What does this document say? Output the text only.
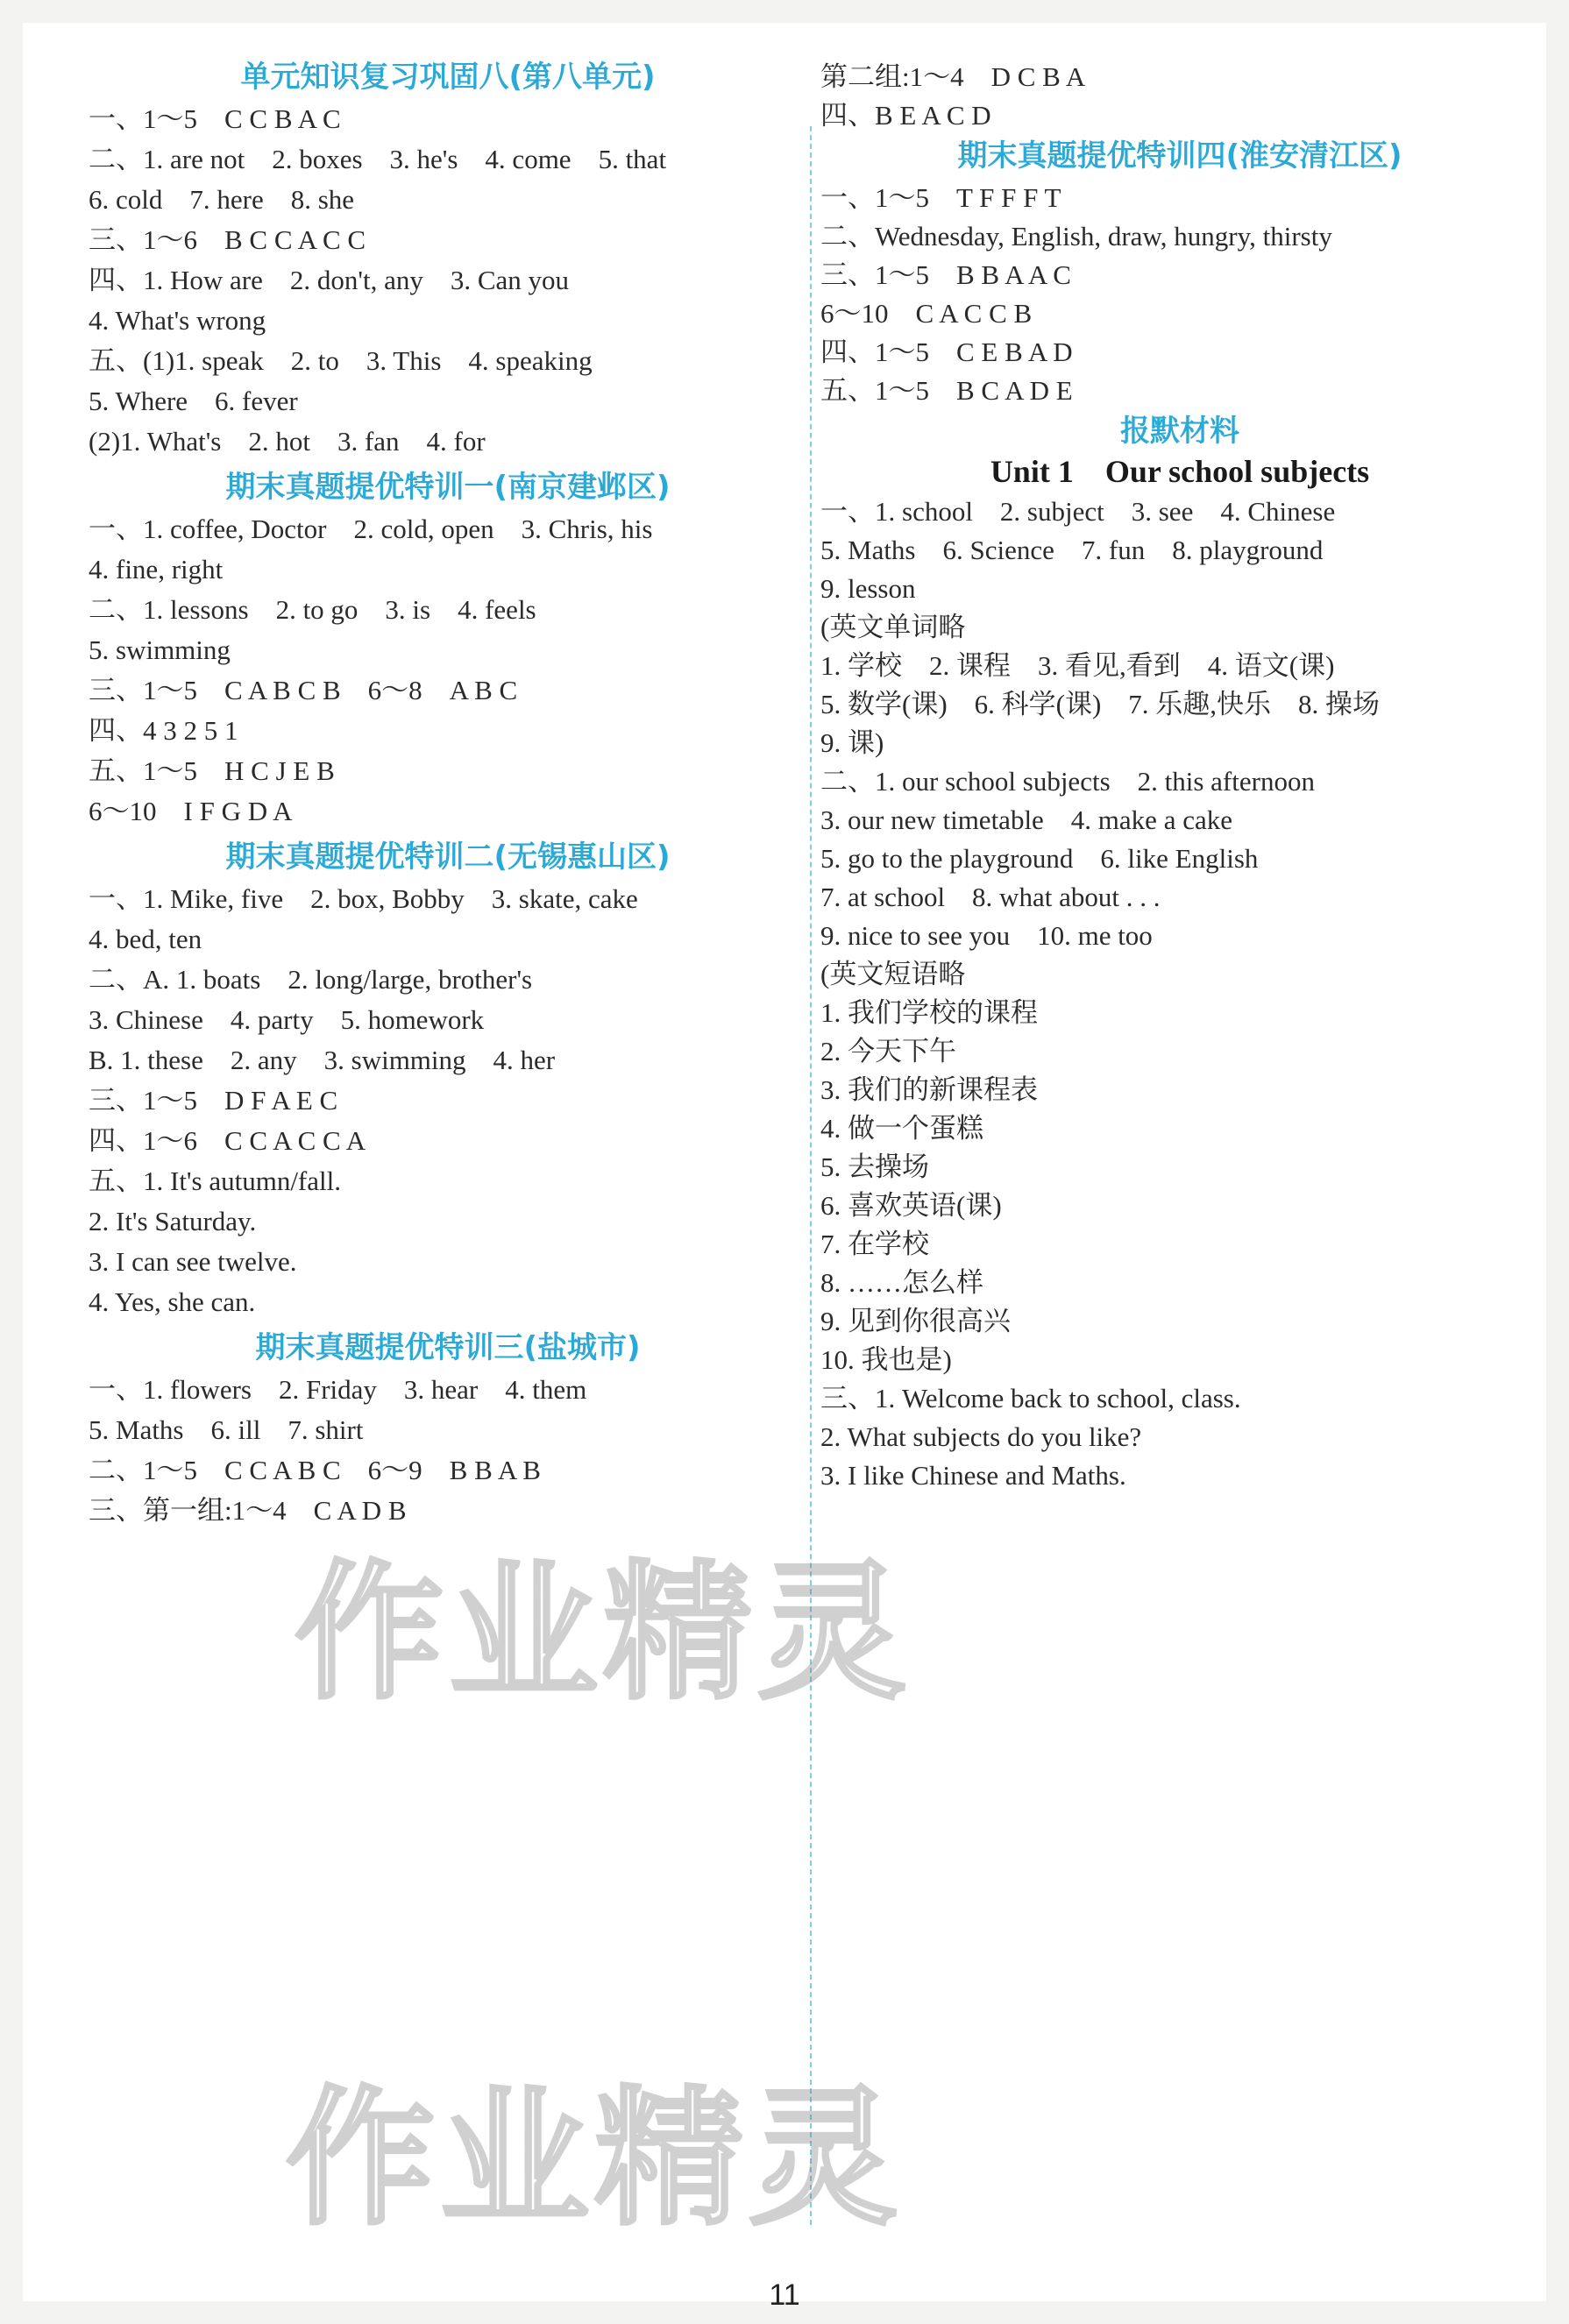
单元知识复习巩固八(第八单元)
一、1～5　C C B A C
二、1. are not　2. boxes　3. he's　4. come　5. that
6. cold　7. here　8. she
三、1～6　B C C A C C
四、1. How are　2. don't, any　3. Can you
4. What's wrong
五、(1)1. speak　2. to　3. This　4. speaking
5. Where　6. fever
(2)1. What's　2. hot　3. fan　4. for
期末真题提优特训一(南京建邺区)
一、1. coffee, Doctor　2. cold, open　3. Chris, his
4. fine, right
二、1. lessons　2. to go　3. is　4. feels
5. swimming
三、1～5　C A B C B　6～8　A B C
四、4 3 2 5 1
五、1～5　H C J E B
6～10　I F G D A
期末真题提优特训二(无锡惠山区)
一、1. Mike, five　2. box, Bobby　3. skate, cake
4. bed, ten
二、A. 1. boats　2. long/large, brother's
3. Chinese　4. party　5. homework
B. 1. these　2. any　3. swimming　4. her
三、1～5　D F A E C
四、1～6　C C A C C A
五、1. It's autumn/fall.
2. It's Saturday.
3. I can see twelve.
4. Yes, she can.
期末真题提优特训三(盐城市)
一、1. flowers　2. Friday　3. hear　4. them
5. Maths　6. ill　7. shirt
二、1～5　C C A B C　6～9　B B A B
三、第一组:1～4　C A D B
第二组:1～4　D C B A
四、B E A C D
期末真题提优特训四(淮安清江区)
一、1～5　T F F F T
二、Wednesday, English, draw, hungry, thirsty
三、1～5　B B A A C
6～10　C A C C B
四、1～5　C E B A D
五、1～5　B C A D E
报默材料
Unit 1　Our school subjects
一、1. school　2. subject　3. see　4. Chinese
5. Maths　6. Science　7. fun　8. playground
9. lesson
(英文单词略
1. 学校　2. 课程　3. 看见,看到　4. 语文(课)
5. 数学(课)　6. 科学(课)　7. 乐趣,快乐　8. 操场
9. 课)
二、1. our school subjects　2. this afternoon
3. our new timetable　4. make a cake
5. go to the playground　6. like English
7. at school　8. what about . . .
9. nice to see you　10. me too
(英文短语略
1. 我们学校的课程
2. 今天下午
3. 我们的新课程表
4. 做一个蛋糕
5. 去操场
6. 喜欢英语(课)
7. 在学校
8. ……怎么样
9. 见到你很高兴
10. 我也是)
三、1. Welcome back to school, class.
2. What subjects do you like?
3. I like Chinese and Maths.
作业精灵
作业精灵
11
